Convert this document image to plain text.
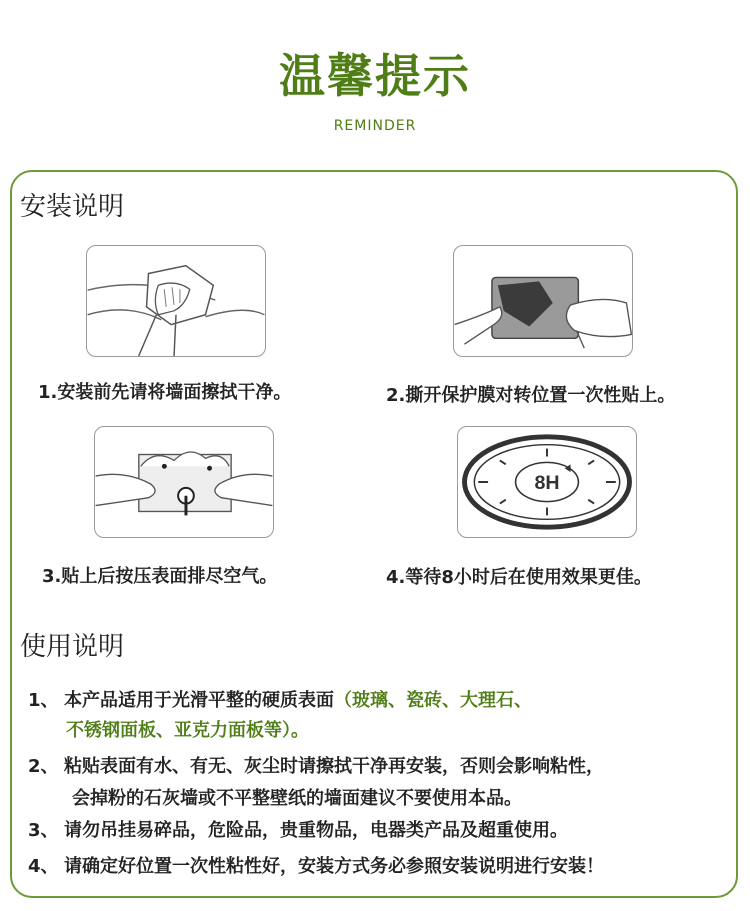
温馨提示
REMINDER
安装说明
1.安装前先请将墙面擦拭干净。	2.撕开保护膜对转位置一次性贴上。
8H
3.贴上后按压表面排尽空气。	4.等待8小时后在使用效果更佳。
使用说明
1、 本产品适用于光滑平整的硬质表面（玻璃、瓷砖、大理石、
不锈钢面板、亚克力面板等）。
2、 粘贴表面有水、有无、灰尘时请擦拭干净再安装，否则会影响粘性，
会掉粉的石灰墙或不平整壁纸的墙面建议不要使用本品。
3、 请勿吊挂易碎品，危险品，贵重物品，电器类产品及超重使用。
4、 请确定好位置一次性粘性好，安装方式务必参照安装说明进行安装！
